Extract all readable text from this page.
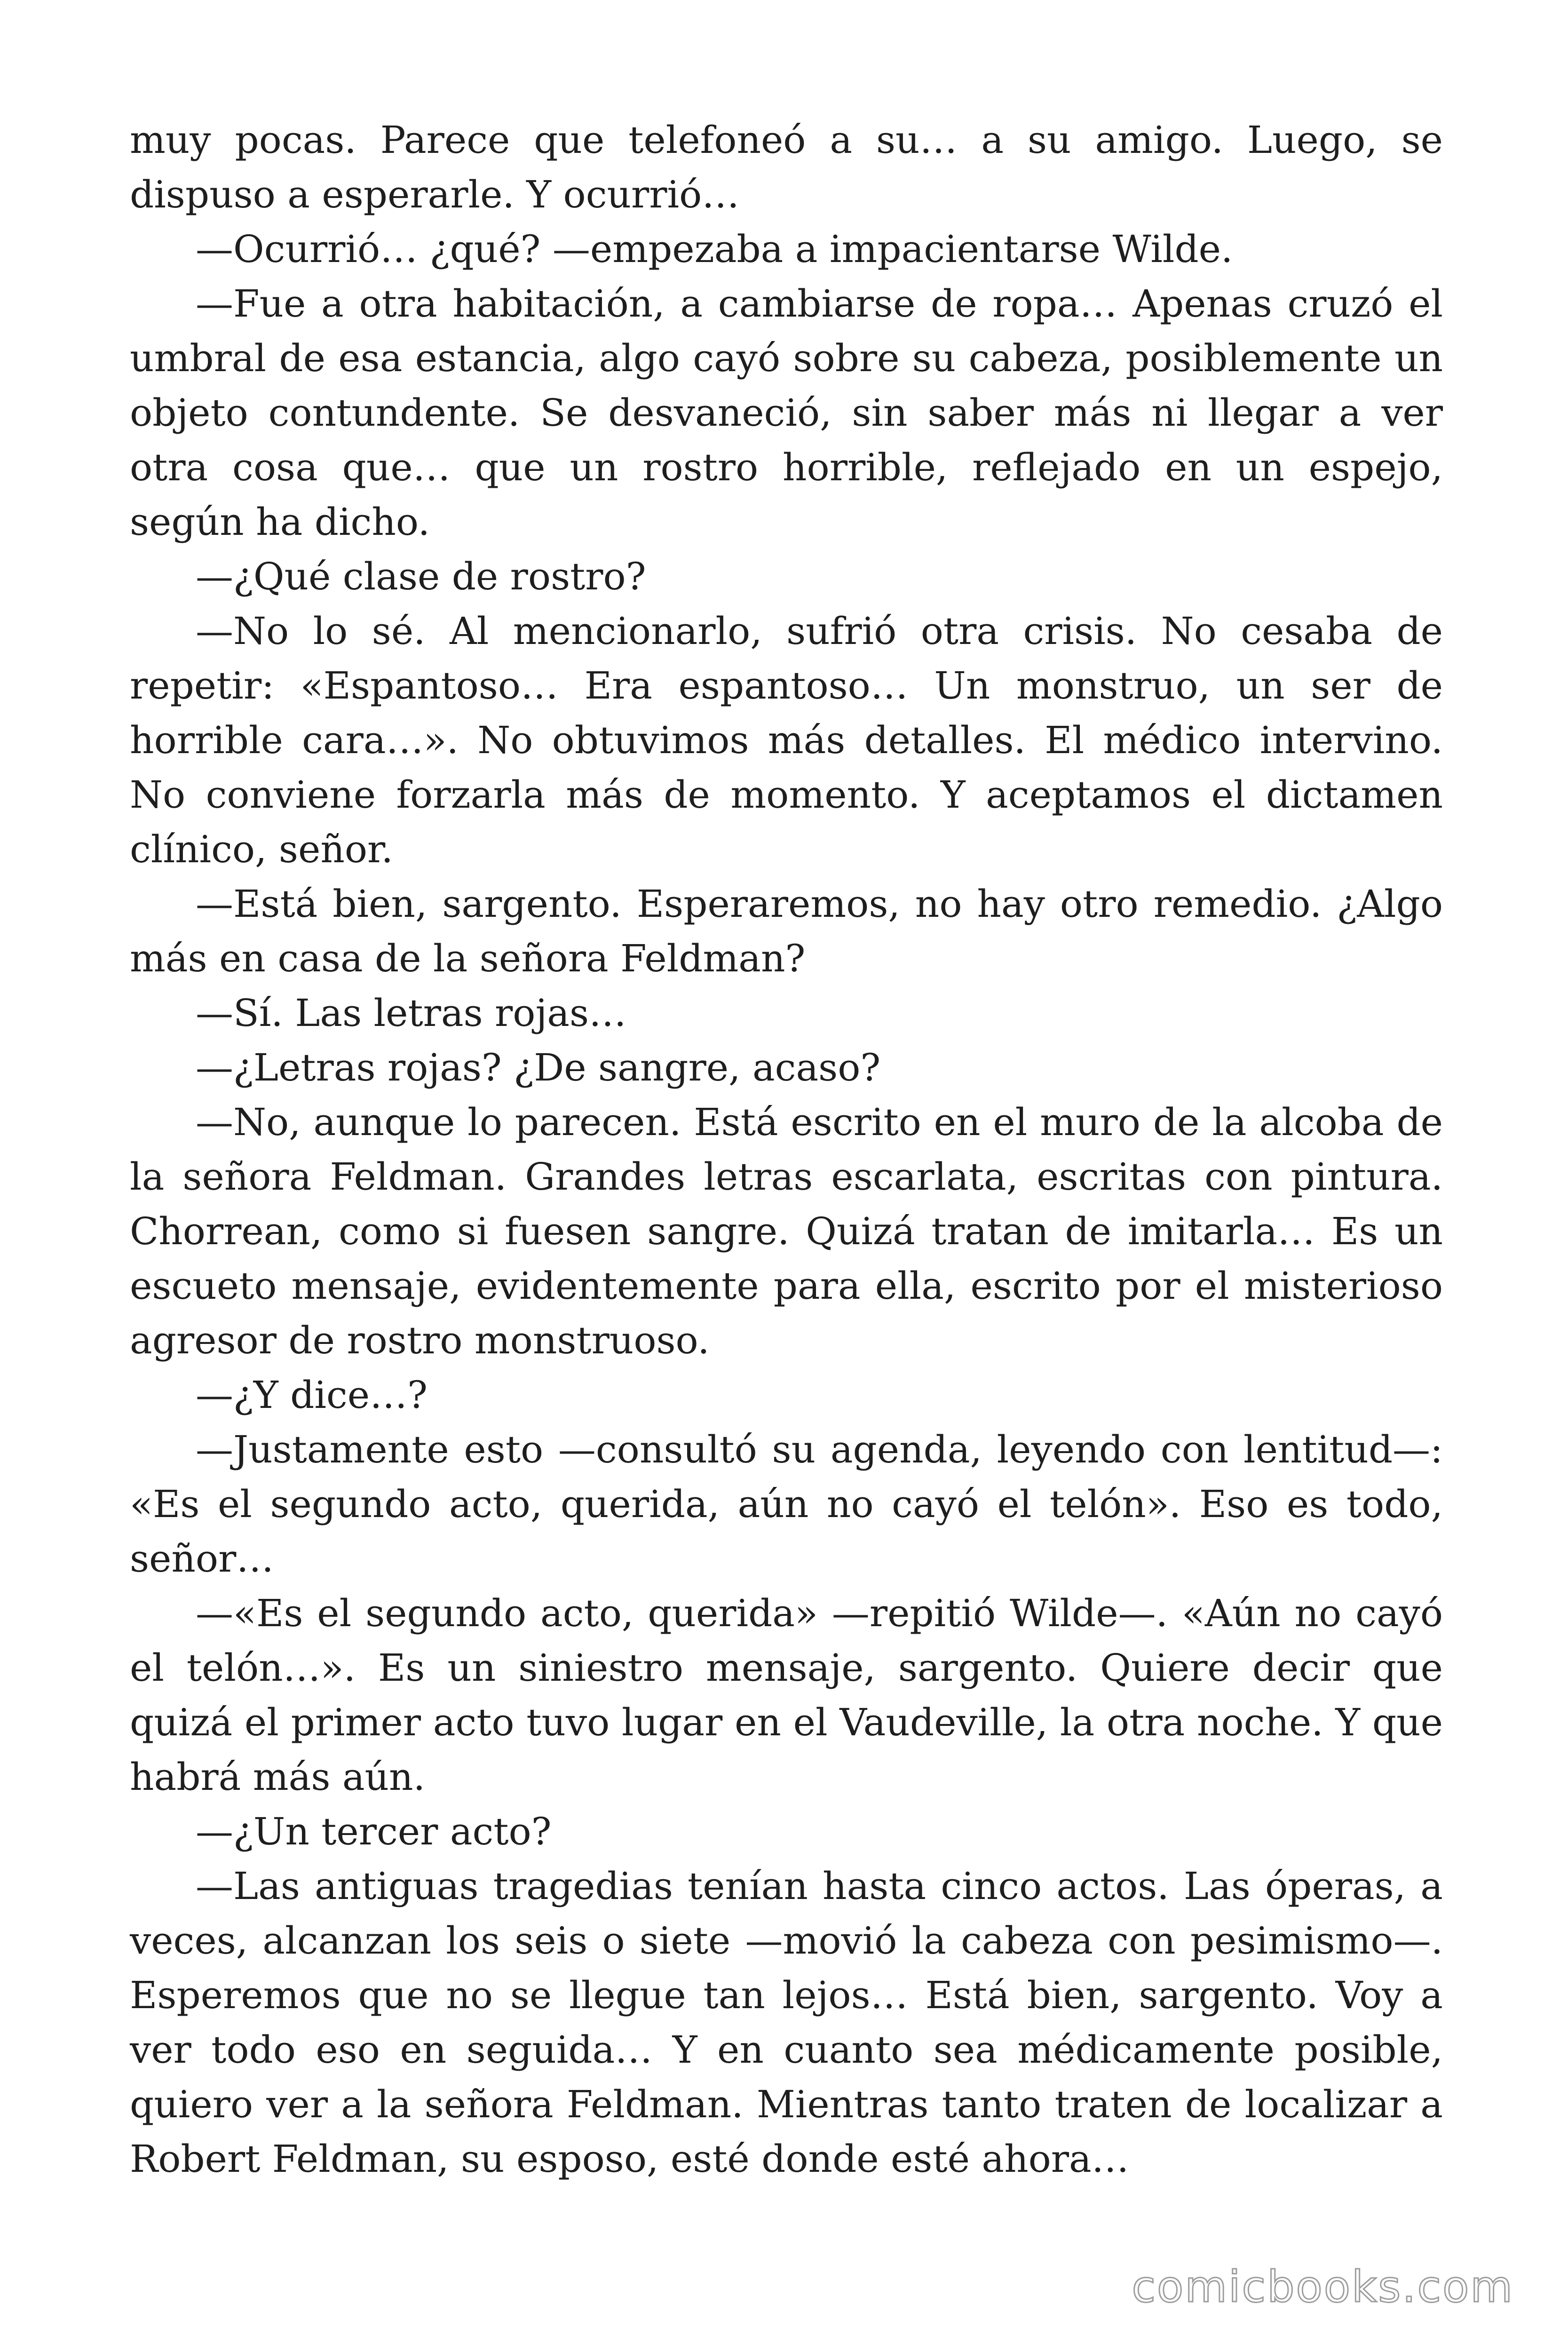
muy pocas. Parece que telefoneó a su… a su amigo. Luego, se dispuso a esperarle. Y ocurrió…

—Ocurrió… ¿qué? —empezaba a impacientarse Wilde.

—Fue a otra habitación, a cambiarse de ropa… Apenas cruzó el umbral de esa estancia, algo cayó sobre su cabeza, posiblemente un objeto contundente. Se desvaneció, sin saber más ni llegar a ver otra cosa que… que un rostro horrible, reflejado en un espejo, según ha dicho.

—¿Qué clase de rostro?

—No lo sé. Al mencionarlo, sufrió otra crisis. No cesaba de repetir: «Espantoso… Era espantoso… Un monstruo, un ser de horrible cara…». No obtuvimos más detalles. El médico intervino. No conviene forzarla más de momento. Y aceptamos el dictamen clínico, señor.

—Está bien, sargento. Esperaremos, no hay otro remedio. ¿Algo más en casa de la señora Feldman?

—Sí. Las letras rojas…

—¿Letras rojas? ¿De sangre, acaso?

—No, aunque lo parecen. Está escrito en el muro de la alcoba de la señora Feldman. Grandes letras escarlata, escritas con pintura. Chorrean, como si fuesen sangre. Quizá tratan de imitarla… Es un escueto mensaje, evidentemente para ella, escrito por el misterioso agresor de rostro monstruoso.

—¿Y dice…?

—Justamente esto —consultó su agenda, leyendo con lentitud—: «Es el segundo acto, querida, aún no cayó el telón». Eso es todo, señor…

—«Es el segundo acto, querida» —repitió Wilde—. «Aún no cayó el telón…». Es un siniestro mensaje, sargento. Quiere decir que quizá el primer acto tuvo lugar en el Vaudeville, la otra noche. Y que habrá más aún.

—¿Un tercer acto?

—Las antiguas tragedias tenían hasta cinco actos. Las óperas, a veces, alcanzan los seis o siete —movió la cabeza con pesimismo—. Esperemos que no se llegue tan lejos… Está bien, sargento. Voy a ver todo eso en seguida… Y en cuanto sea médicamente posible, quiero ver a la señora Feldman. Mientras tanto traten de localizar a Robert Feldman, su esposo, esté donde esté ahora…

comicbooks.com
